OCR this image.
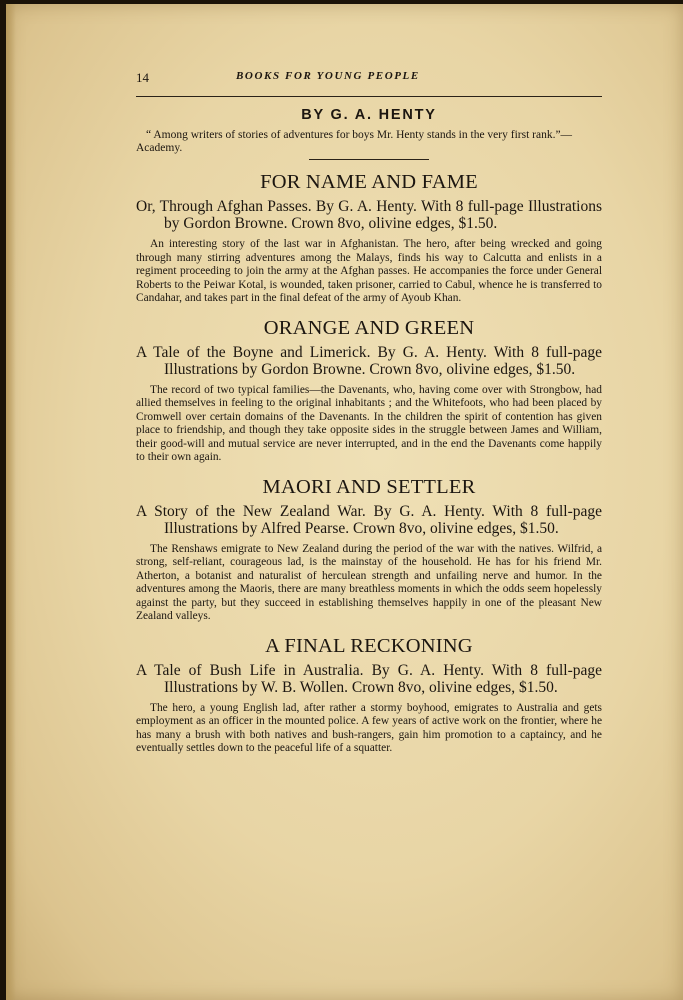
14	BOOKS FOR YOUNG PEOPLE
BY G. A. HENTY
“ Among writers of stories of adventures for boys Mr. Henty stands in the very first rank.”—Academy.
FOR NAME AND FAME
Or, Through Afghan Passes. By G. A. Henty. With 8 full-page Illustrations by Gordon Browne. Crown 8vo, olivine edges, $1.50.
An interesting story of the last war in Afghanistan. The hero, after being wrecked and going through many stirring adventures among the Malays, finds his way to Calcutta and enlists in a regiment proceeding to join the army at the Afghan passes. He accompanies the force under General Roberts to the Peiwar Kotal, is wounded, taken prisoner, carried to Cabul, whence he is transferred to Candahar, and takes part in the final defeat of the army of Ayoub Khan.
ORANGE AND GREEN
A Tale of the Boyne and Limerick. By G. A. Henty. With 8 full-page Illustrations by Gordon Browne. Crown 8vo, olivine edges, $1.50.
The record of two typical families—the Davenants, who, having come over with Strongbow, had allied themselves in feeling to the original inhabitants ; and the Whitefoots, who had been placed by Cromwell over certain domains of the Davenants. In the children the spirit of contention has given place to friendship, and though they take opposite sides in the struggle between James and William, their good-will and mutual service are never interrupted, and in the end the Davenants come happily to their own again.
MAORI AND SETTLER
A Story of the New Zealand War. By G. A. Henty. With 8 full-page Illustrations by Alfred Pearse. Crown 8vo, olivine edges, $1.50.
The Renshaws emigrate to New Zealand during the period of the war with the natives. Wilfrid, a strong, self-reliant, courageous lad, is the mainstay of the household. He has for his friend Mr. Atherton, a botanist and naturalist of herculean strength and unfailing nerve and humor. In the adventures among the Maoris, there are many breathless moments in which the odds seem hopelessly against the party, but they succeed in establishing themselves happily in one of the pleasant New Zealand valleys.
A FINAL RECKONING
A Tale of Bush Life in Australia. By G. A. Henty. With 8 full-page Illustrations by W. B. Wollen. Crown 8vo, olivine edges, $1.50.
The hero, a young English lad, after rather a stormy boyhood, emigrates to Australia and gets employment as an officer in the mounted police. A few years of active work on the frontier, where he has many a brush with both natives and bush-rangers, gain him promotion to a captaincy, and he eventually settles down to the peaceful life of a squatter.
